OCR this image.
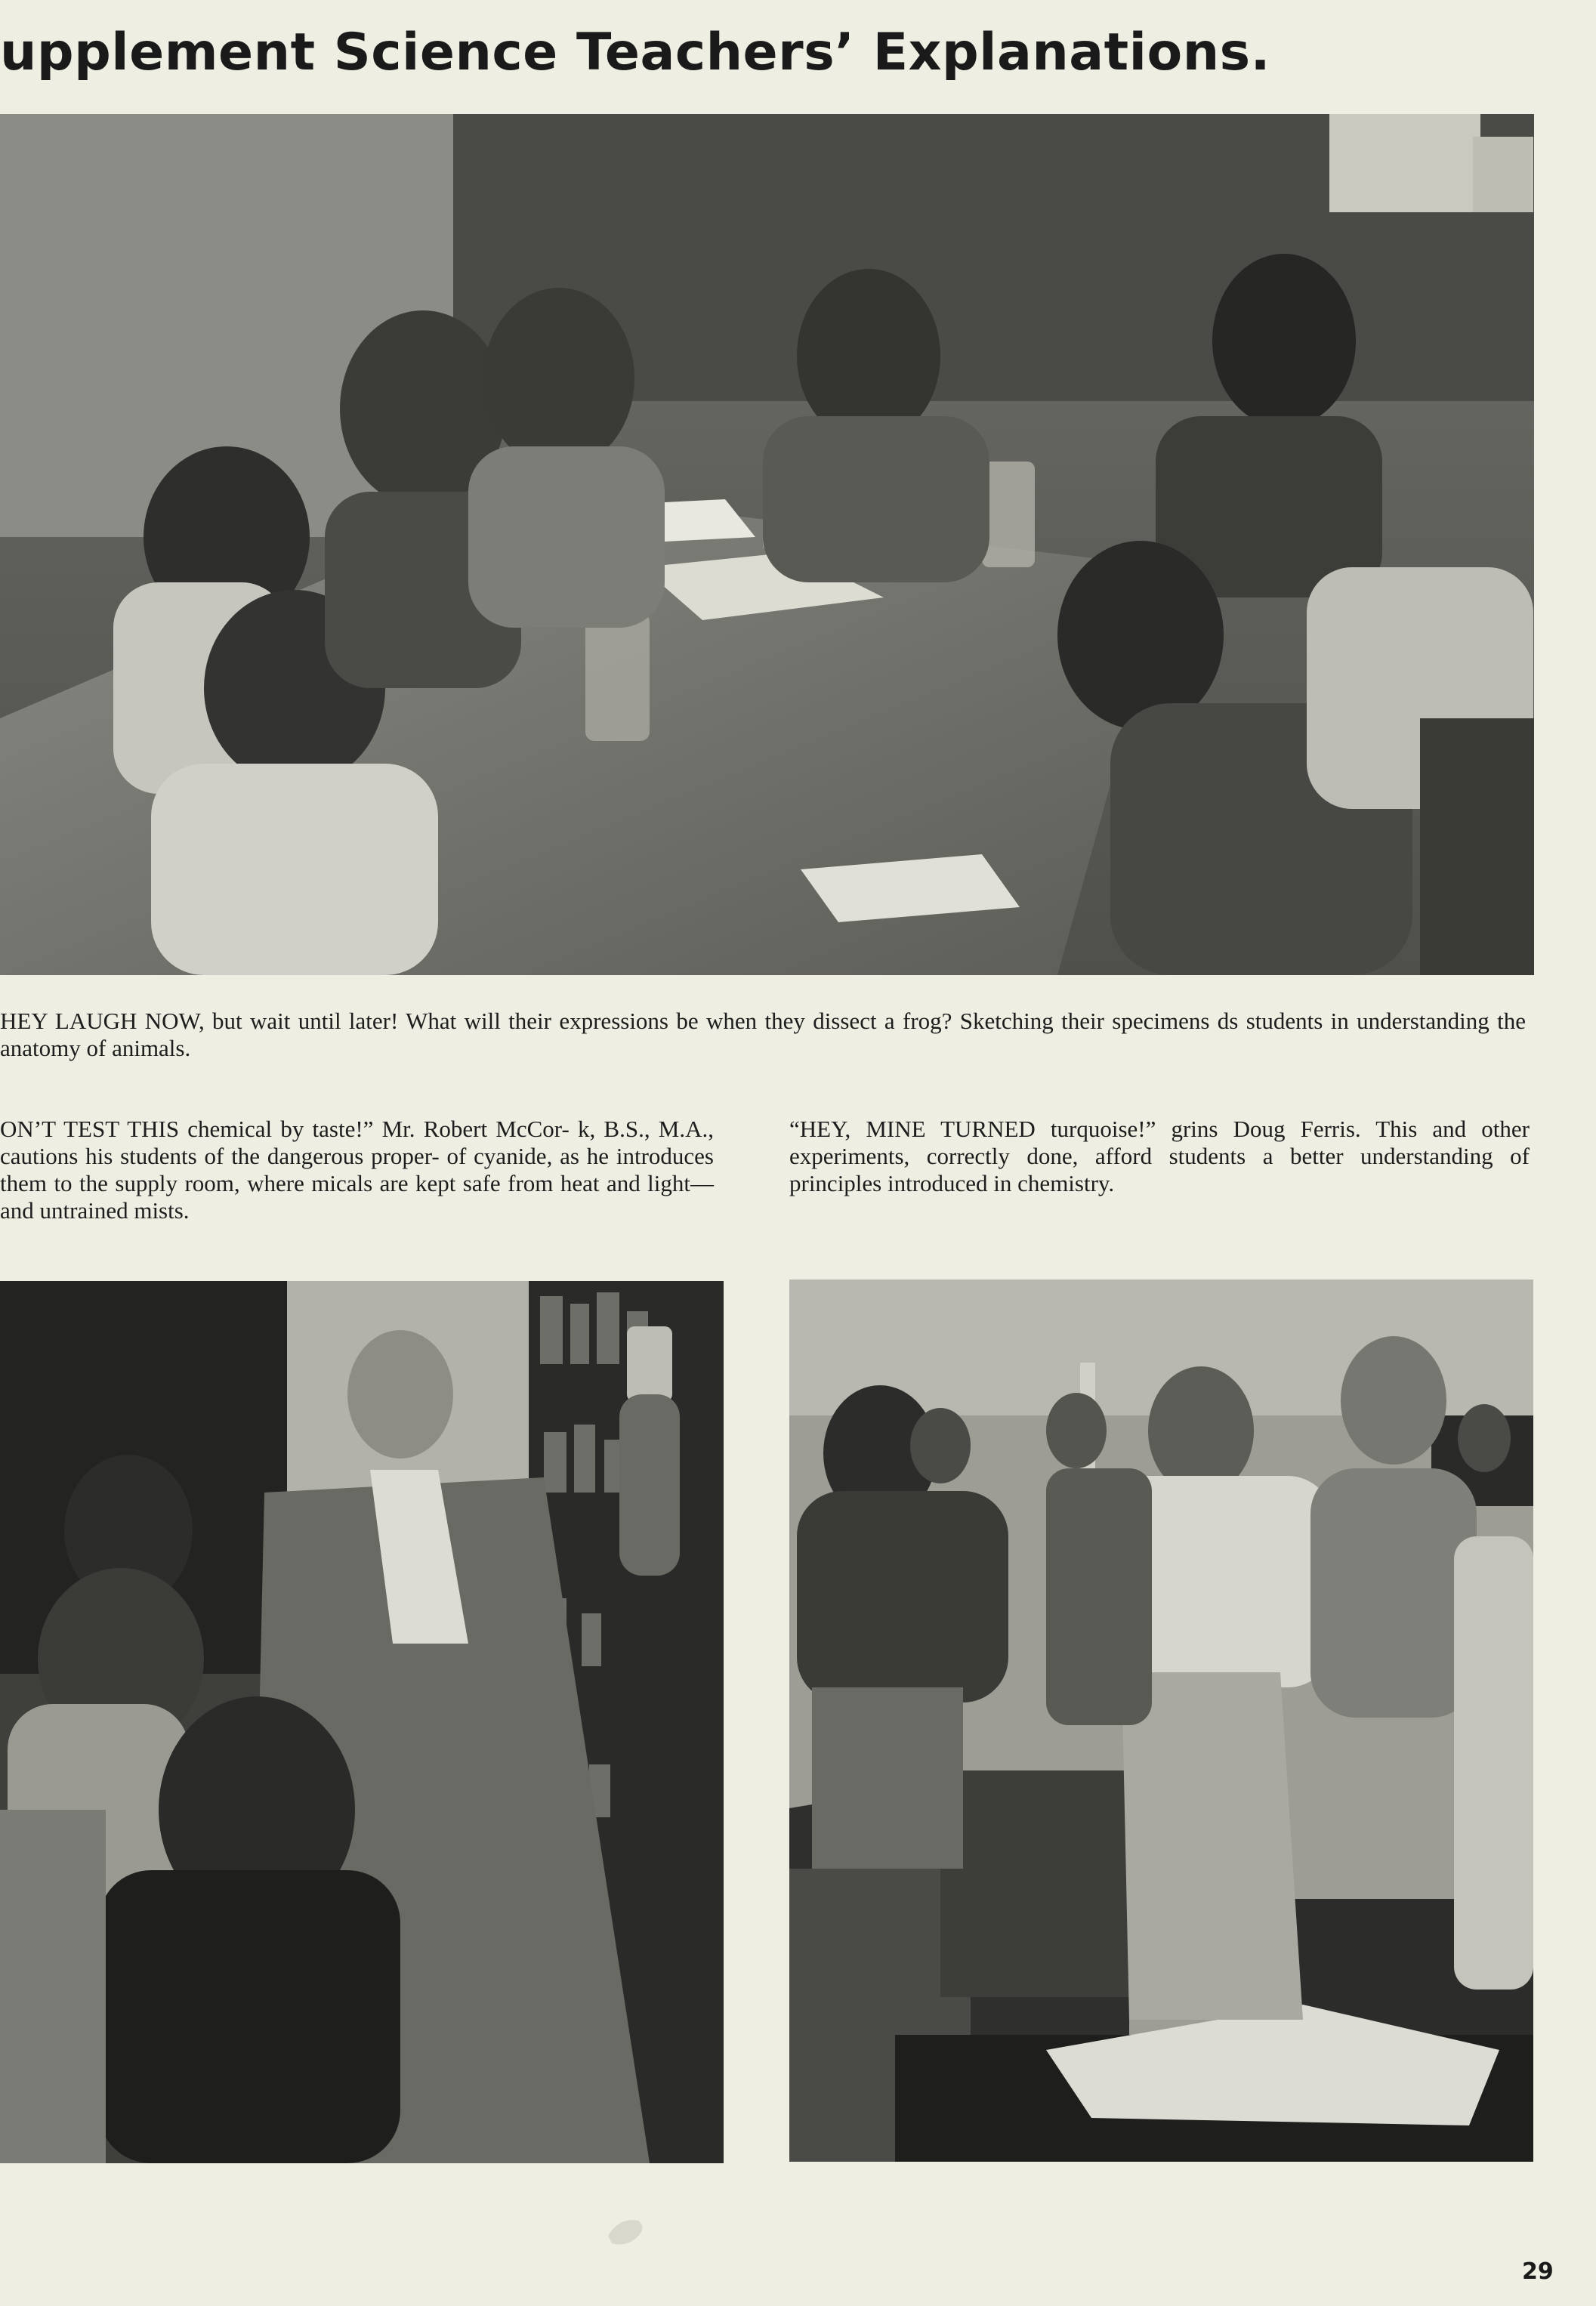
upplement Science Teachers’ Explanations.
HEY LAUGH NOW, but wait until later! What will their expressions be when they dissect a frog? Sketching their specimens ds students in understanding the anatomy of animals.
ON’T TEST THIS chemical by taste!” Mr. Robert McCor- k, B.S., M.A., cautions his students of the dangerous proper- of cyanide, as he introduces them to the supply room, where micals are kept safe from heat and light—and untrained mists.
“HEY, MINE TURNED turquoise!” grins Doug Ferris. This and other experiments, correctly done, afford students a better understanding of principles introduced in chemistry.
29
